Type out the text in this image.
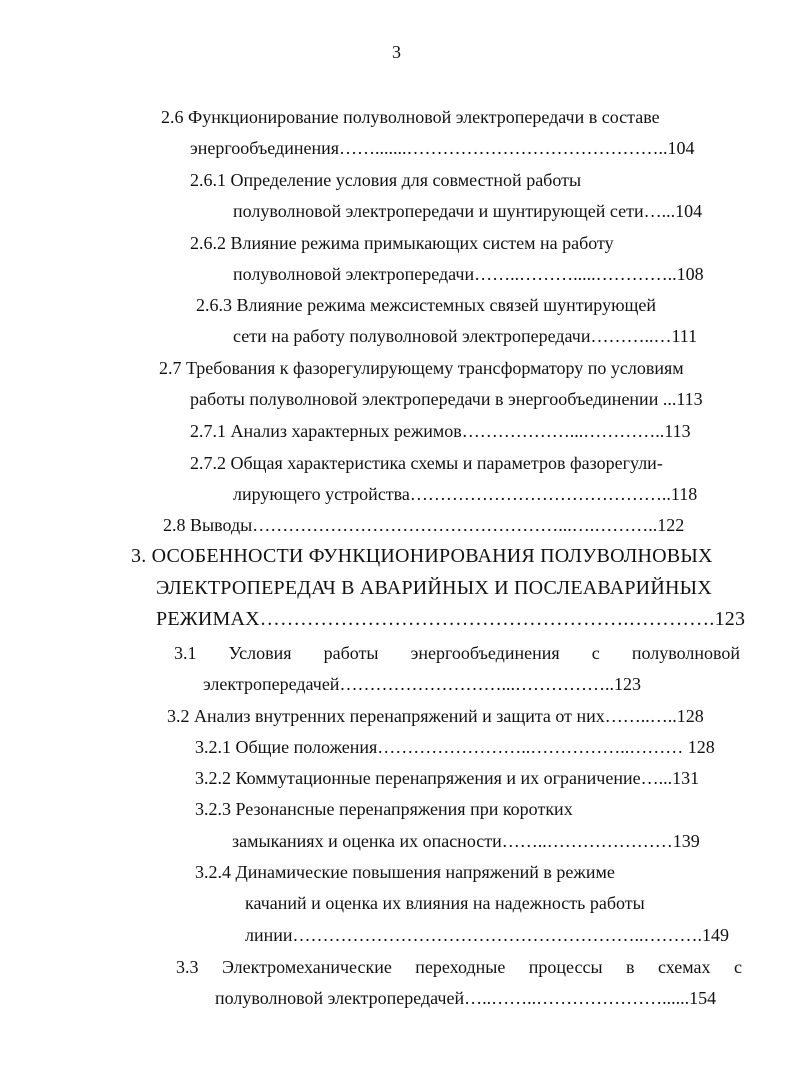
3
2.6 Функционирование полуволновой электропередачи в составе
энергообъединения…….......……………………………………..104
2.6.1 Определение условия для совместной работы
полуволновой электропередачи и шунтирующей сети…...104
2.6.2 Влияние режима примыкающих систем на работу
полуволновой электропередачи……..……….....…………..108
2.6.3 Влияние режима межсистемных связей шунтирующей
сети на работу полуволновой электропередачи………..…111
2.7 Требования к фазорегулирующему трансформатору по условиям
работы полуволновой электропередачи в энергообъединении ...113
2.7.1 Анализ характерных режимов………………...…………..113
2.7.2 Общая характеристика схемы и параметров фазорегули-
лирующего устройства……………………………………..118
2.8 Выводы……………………………………………...….………..122
3. ОСОБЕННОСТИ ФУНКЦИОНИРОВАНИЯ ПОЛУВОЛНОВЫХ
ЭЛЕКТРОПЕРЕДАЧ В АВАРИЙНЫХ И ПОСЛЕАВАРИЙНЫХ
РЕЖИМАХ……………………………………………….………….123
3.1 Условия работы энергообъединения с полуволновой
электропередачей………………………...……………..123
3.2 Анализ внутренних перенапряжений и защита от них……..…..128
3.2.1 Общие положения……………………..……………..……… 128
3.2.2 Коммутационные перенапряжения и их ограничение…...131
3.2.3 Резонансные перенапряжения при коротких
замыканиях и оценка их опасности……..…………………139
3.2.4 Динамические повышения напряжений в режиме
качаний и оценка их влияния на надежность работы
линии…………………………………………………..……….149
3.3 Электромеханические переходные процессы в схемах с
полуволновой электропередачей…..……..…………………......154
